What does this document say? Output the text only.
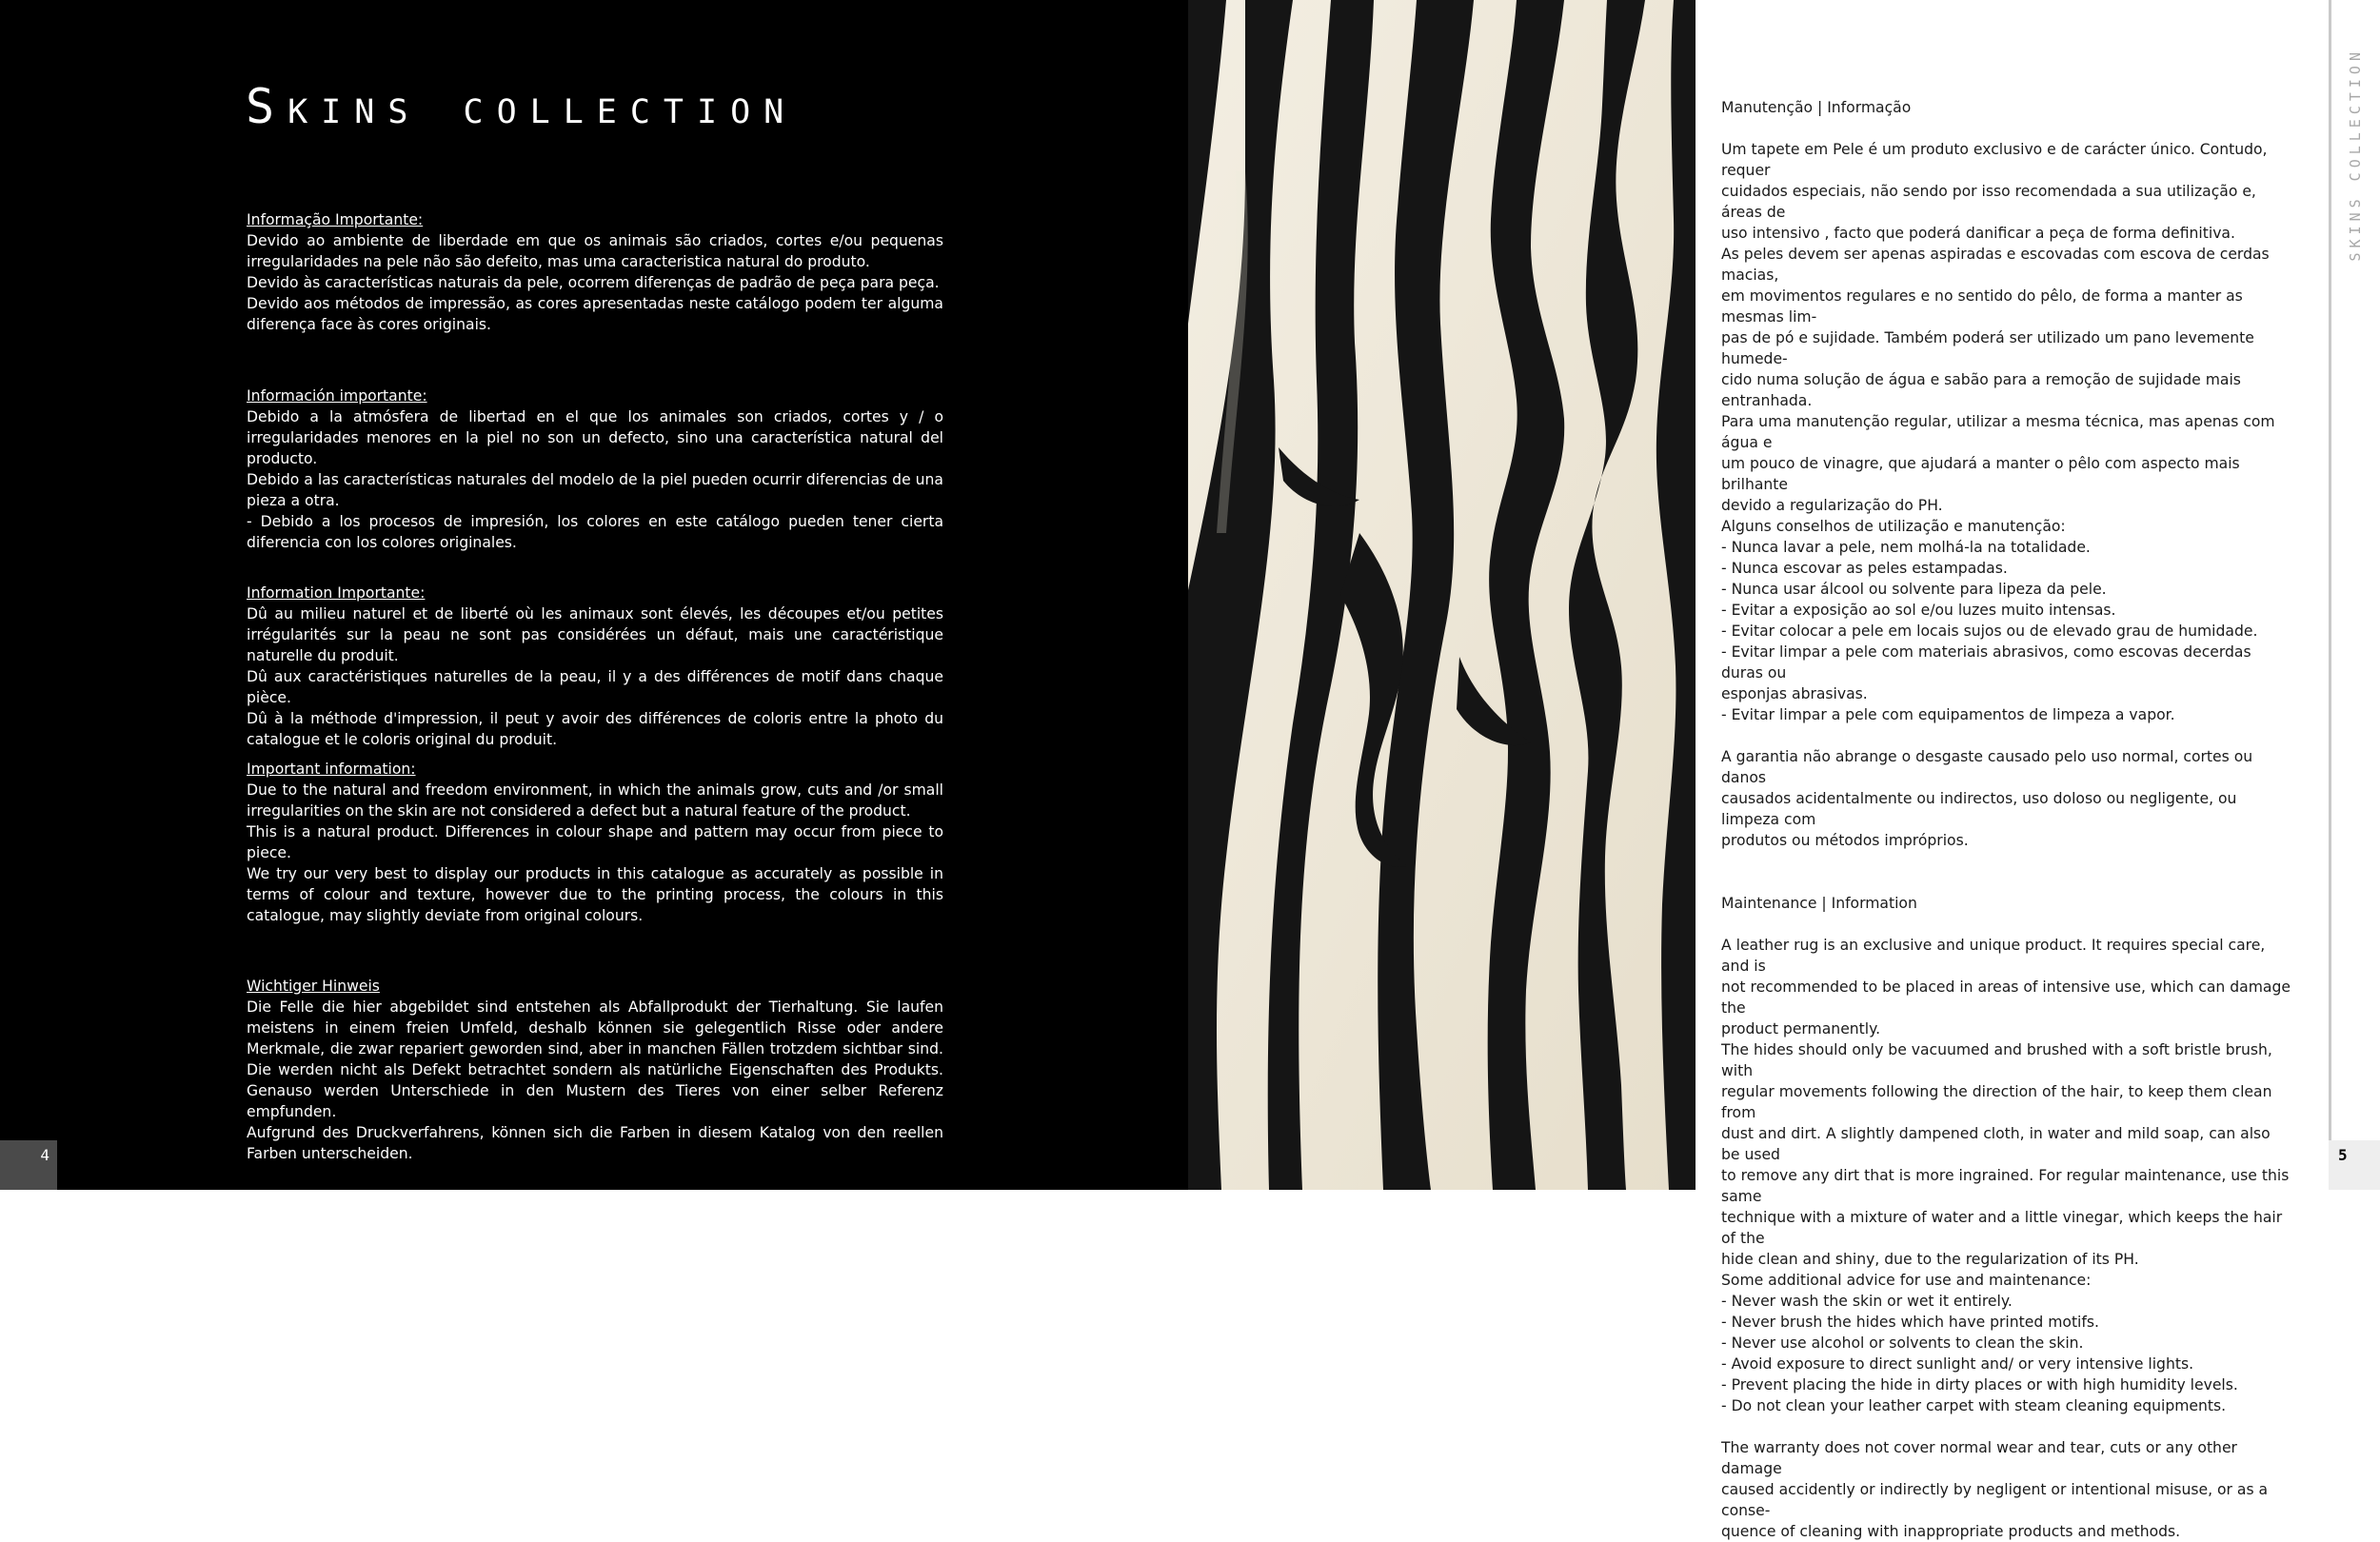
Skins collection
Informação Importante:
Devido ao ambiente de liberdade em que os animais são criados, cortes e/ou pequenas irregularidades na pele não são defeito, mas uma caracteristica natural do produto.
Devido às características naturais da pele, ocorrem diferenças de padrão de peça para peça.
Devido aos métodos de impressão, as cores apresentadas neste catálogo podem ter alguma diferença face às cores originais.
Información importante:
Debido a la atmósfera de libertad en el que los animales son criados, cortes y / o irregularidades menores en la piel no son un defecto, sino una característica natural del producto.
Debido a las características naturales del modelo de la piel pueden ocurrir diferencias de una pieza a otra.
- Debido a los procesos de impresión, los colores en este catálogo pueden tener cierta diferencia con los colores originales.
Information Importante:
Dû au milieu naturel et de liberté où les animaux sont élevés, les découpes et/ou petites irrégularités sur la peau ne sont pas considérées un défaut, mais une caractéristique naturelle du produit.
Dû aux caractéristiques naturelles de la peau, il y a des différences de motif dans chaque pièce.
Dû à la méthode d'impression, il peut y avoir des différences de coloris entre la photo du catalogue et le coloris original du produit.
Important information:
Due to the natural and freedom environment, in which the animals grow, cuts and /or small irregularities on the skin are not considered a defect but a natural feature of the product.
This is a natural product. Differences in colour shape and pattern may occur from piece to piece.
We try our very best to display our products in this catalogue as accurately as possible in terms of colour and texture, however due to the printing process, the colours in this catalogue, may slightly deviate from original colours.
Wichtiger Hinweis
Die Felle die hier abgebildet sind entstehen als Abfallprodukt der Tierhaltung. Sie laufen meistens in einem freien Umfeld, deshalb können sie gelegentlich Risse oder andere Merkmale, die zwar repariert geworden sind, aber in manchen Fällen trotzdem sichtbar sind. Die werden nicht als Defekt betrachtet sondern als natürliche Eigenschaften des Produkts. Genauso werden Unterschiede in den Mustern des Tieres von einer selber Referenz empfunden.
Aufgrund des Druckverfahrens, können sich die Farben in diesem Katalog von den reellen Farben unterscheiden.
4
Manutenção | Informação
Um tapete em Pele é um produto exclusivo e de carácter único. Contudo, requer
cuidados especiais, não sendo por isso recomendada a sua utilização e, áreas de
uso intensivo , facto que poderá danificar a peça de forma definitiva.
As peles devem ser apenas aspiradas e escovadas com escova de cerdas macias,
em movimentos regulares e no sentido do pêlo, de forma a manter as mesmas lim-
pas de pó e sujidade. Também poderá ser utilizado um pano levemente humede-
cido numa solução de água e sabão para a remoção de sujidade mais entranhada.
Para uma manutenção regular, utilizar a mesma técnica, mas apenas com água e
um pouco de vinagre, que ajudará a manter o pêlo com aspecto mais brilhante
devido a regularização do PH.
Alguns conselhos de utilização e manutenção:
- Nunca lavar a pele, nem molhá-la na totalidade.
- Nunca escovar as peles estampadas.
- Nunca usar álcool ou solvente para lipeza da pele.
- Evitar a exposição ao sol e/ou luzes muito intensas.
- Evitar colocar a pele em locais sujos ou de elevado grau de humidade.
- Evitar limpar a pele com materiais abrasivos, como escovas decerdas duras ou
esponjas abrasivas.
- Evitar limpar a pele com equipamentos de limpeza a vapor.
A garantia não abrange o desgaste causado pelo uso normal, cortes ou danos
causados acidentalmente ou indirectos, uso doloso ou negligente, ou limpeza com
produtos ou métodos impróprios.
Maintenance | Information
A leather rug is an exclusive and unique product. It requires special care, and is
not recommended to be placed in areas of intensive use, which can damage the
product permanently.
The hides should only be vacuumed and brushed with a soft bristle brush, with
regular movements following the direction of the hair, to keep them clean from
dust and dirt. A slightly dampened cloth, in water and mild soap, can also be used
to remove any dirt that is more ingrained. For regular maintenance, use this same
technique with a mixture of water and a little vinegar, which keeps the hair of the
hide clean and shiny, due to the regularization of its PH.
Some additional advice for use and maintenance:
- Never wash the skin or wet it entirely.
- Never brush the hides which have printed motifs.
- Never use alcohol or solvents to clean the skin.
- Avoid exposure to direct sunlight and/ or very intensive lights.
- Prevent placing the hide in dirty places or with high humidity levels.
- Do not clean your leather carpet with steam cleaning equipments.
The warranty does not cover normal wear and tear, cuts or any other damage
caused accidently or indirectly by negligent or intentional misuse, or as a conse-
quence of cleaning with inappropriate products and methods.
SKINS COLLECTION
5
